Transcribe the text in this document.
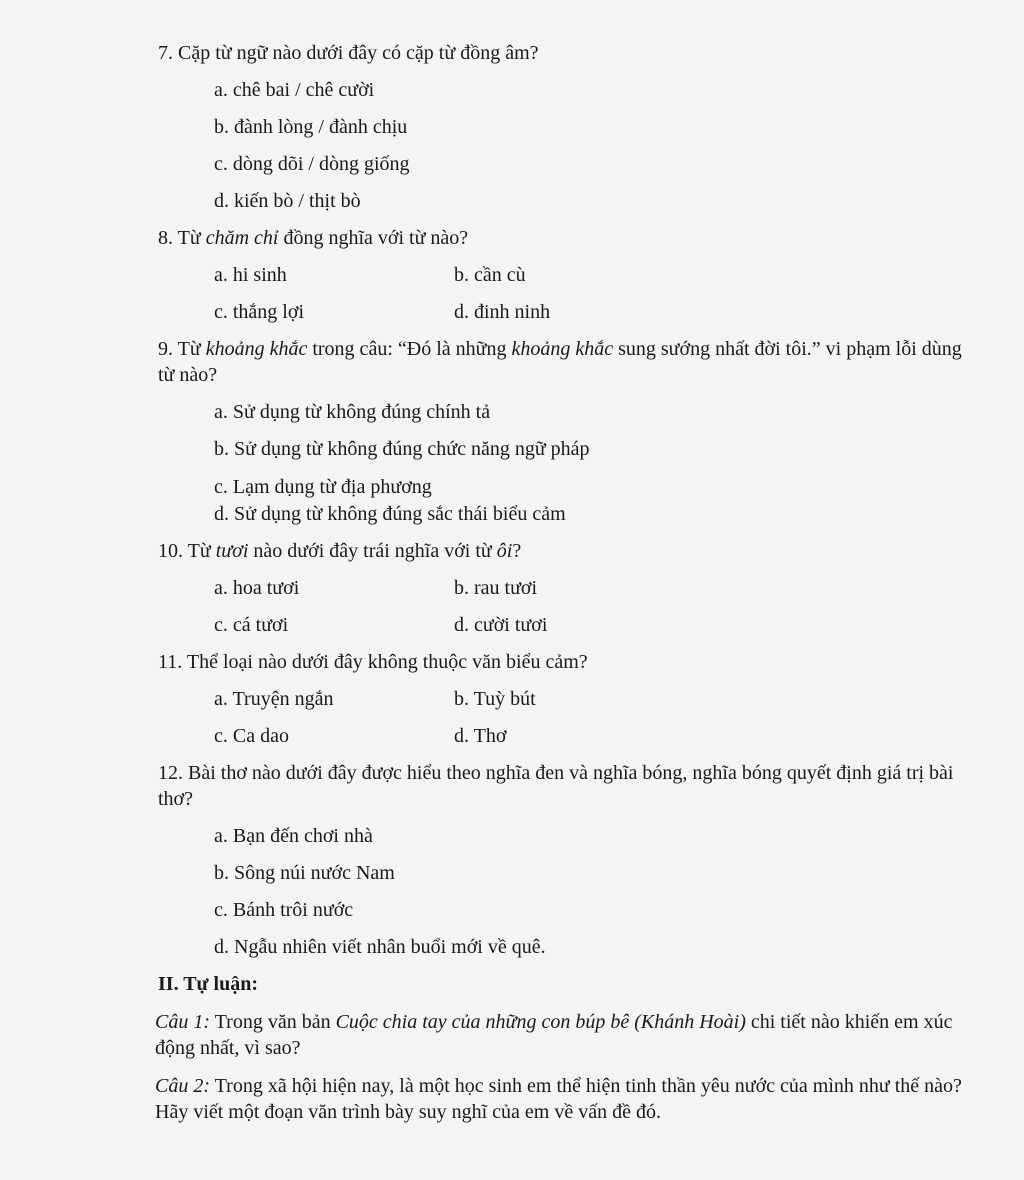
7. Cặp từ ngữ nào dưới đây có cặp từ đồng âm?

a. chê bai / chê cười

b. đành lòng / đành chịu

c. dòng dõi / dòng giống

d. kiến bò / thịt bò

8. Từ chăm chỉ đồng nghĩa với từ nào?

a. hi sinh	b. cần cù

c. thắng lợi	d. đinh ninh

9. Từ khoảng khắc trong câu: “Đó là những khoảng khắc sung sướng nhất đời tôi.” vi phạm lỗi dùng từ nào?

a. Sử dụng từ không đúng chính tả

b. Sử dụng từ không đúng chức năng ngữ pháp

c. Lạm dụng từ địa phương

d. Sử dụng từ không đúng sắc thái biểu cảm

10. Từ tươi nào dưới đây trái nghĩa với từ ôi?

a. hoa tươi	b. rau tươi

c. cá tươi	d. cười tươi

11. Thể loại nào dưới đây không thuộc văn biểu cảm?

a. Truyện ngắn	b. Tuỳ bút

c. Ca dao	d. Thơ

12. Bài thơ nào dưới đây được hiểu theo nghĩa đen và nghĩa bóng, nghĩa bóng quyết định giá trị bài thơ?

a. Bạn đến chơi nhà

b. Sông núi nước Nam

c. Bánh trôi nước

d. Ngẫu nhiên viết nhân buổi mới về quê.

II. Tự luận:

Câu 1: Trong văn bản Cuộc chia tay của những con búp bê (Khánh Hoài) chi tiết nào khiến em xúc động nhất, vì sao?

Câu 2: Trong xã hội hiện nay, là một học sinh em thể hiện tinh thần yêu nước của mình như thế nào? Hãy viết một đoạn văn trình bày suy nghĩ của em về vấn đề đó.
